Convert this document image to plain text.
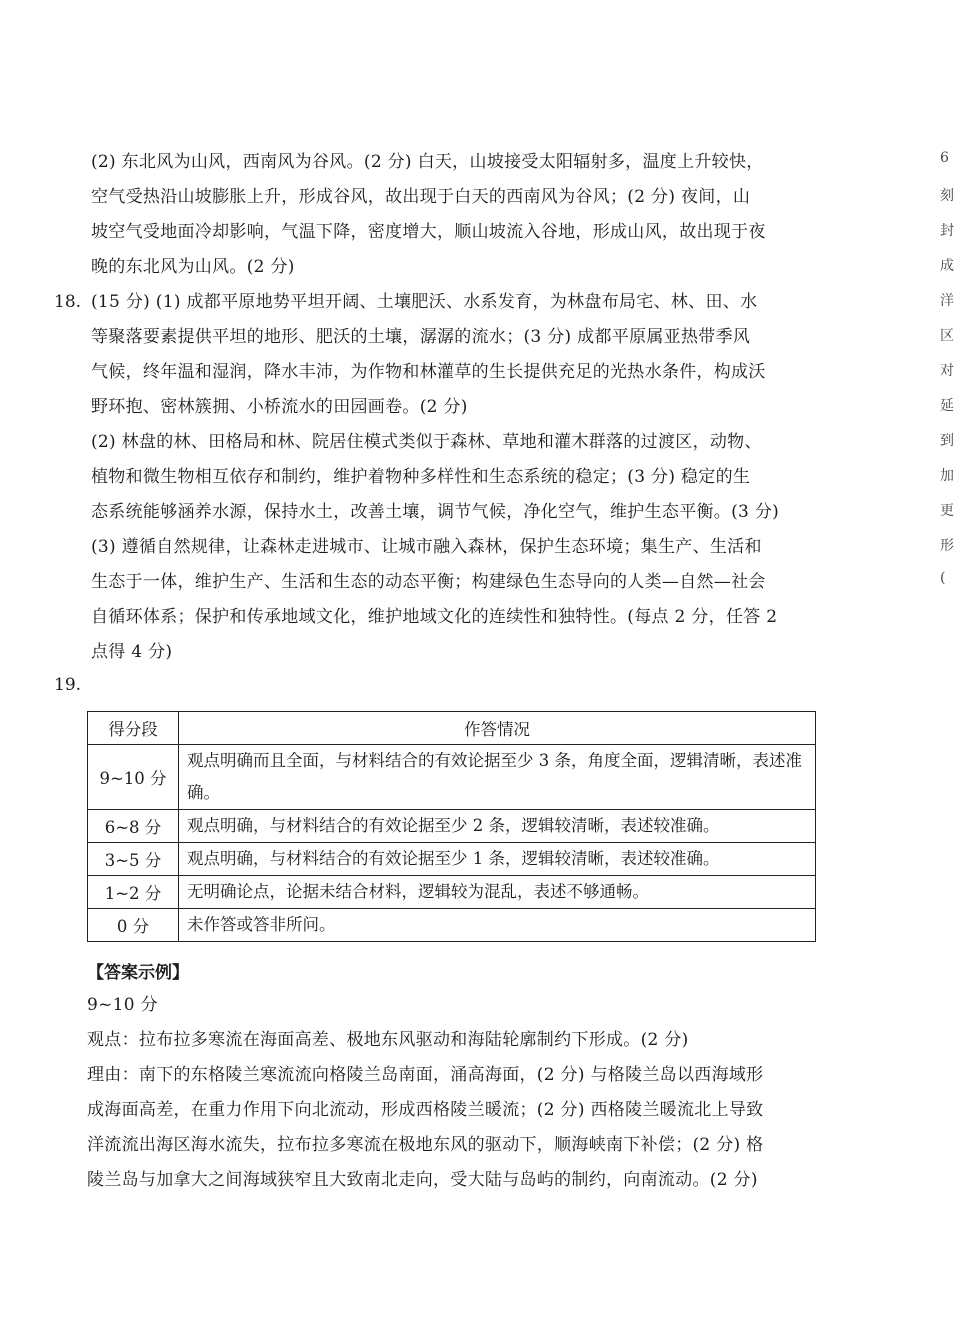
(2) 东北风为山风，西南风为谷风。(2 分) 白天，山坡接受太阳辐射多，温度上升较快，
空气受热沿山坡膨胀上升，形成谷风，故出现于白天的西南风为谷风；(2 分) 夜间，山
坡空气受地面冷却影响，气温下降，密度增大，顺山坡流入谷地，形成山风，故出现于夜
晚的东北风为山风。(2 分)
18. (15 分) (1) 成都平原地势平坦开阔、土壤肥沃、水系发育，为林盘布局宅、林、田、水
等聚落要素提供平坦的地形、肥沃的土壤，潺潺的流水；(3 分) 成都平原属亚热带季风
气候，终年温和湿润，降水丰沛，为作物和林灌草的生长提供充足的光热水条件，构成沃
野环抱、密林簇拥、小桥流水的田园画卷。(2 分)
(2) 林盘的林、田格局和林、院居住模式类似于森林、草地和灌木群落的过渡区，动物、
植物和微生物相互依存和制约，维护着物种多样性和生态系统的稳定；(3 分) 稳定的生
态系统能够涵养水源，保持水土，改善土壤，调节气候，净化空气，维护生态平衡。(3 分)
(3) 遵循自然规律，让森林走进城市、让城市融入森林，保护生态环境；集生产、生活和
生态于一体，维护生产、生活和生态的动态平衡；构建绿色生态导向的人类—自然—社会
自循环体系；保护和传承地域文化，维护地域文化的连续性和独特性。(每点 2 分，任答 2
点得 4 分)
19.
得分段	作答情况
9~10 分	观点明确而且全面，与材料结合的有效论据至少 3 条，角度全面，逻辑清晰，表述准确。
6~8 分	观点明确，与材料结合的有效论据至少 2 条，逻辑较清晰，表述较准确。
3~5 分	观点明确，与材料结合的有效论据至少 1 条，逻辑较清晰，表述较准确。
1~2 分	无明确论点，论据未结合材料，逻辑较为混乱，表述不够通畅。
0 分	未作答或答非所问。
【答案示例】
9~10 分
观点：拉布拉多寒流在海面高差、极地东风驱动和海陆轮廓制约下形成。(2 分)
理由：南下的东格陵兰寒流流向格陵兰岛南面，涌高海面，(2 分) 与格陵兰岛以西海域形
成海面高差，在重力作用下向北流动，形成西格陵兰暖流；(2 分) 西格陵兰暖流北上导致
洋流流出海区海水流失，拉布拉多寒流在极地东风的驱动下，顺海峡南下补偿；(2 分) 格
陵兰岛与加拿大之间海域狭窄且大致南北走向，受大陆与岛屿的制约，向南流动。(2 分)
6
刻
封
成
洋
区
对
延
到
加
更
形
(
